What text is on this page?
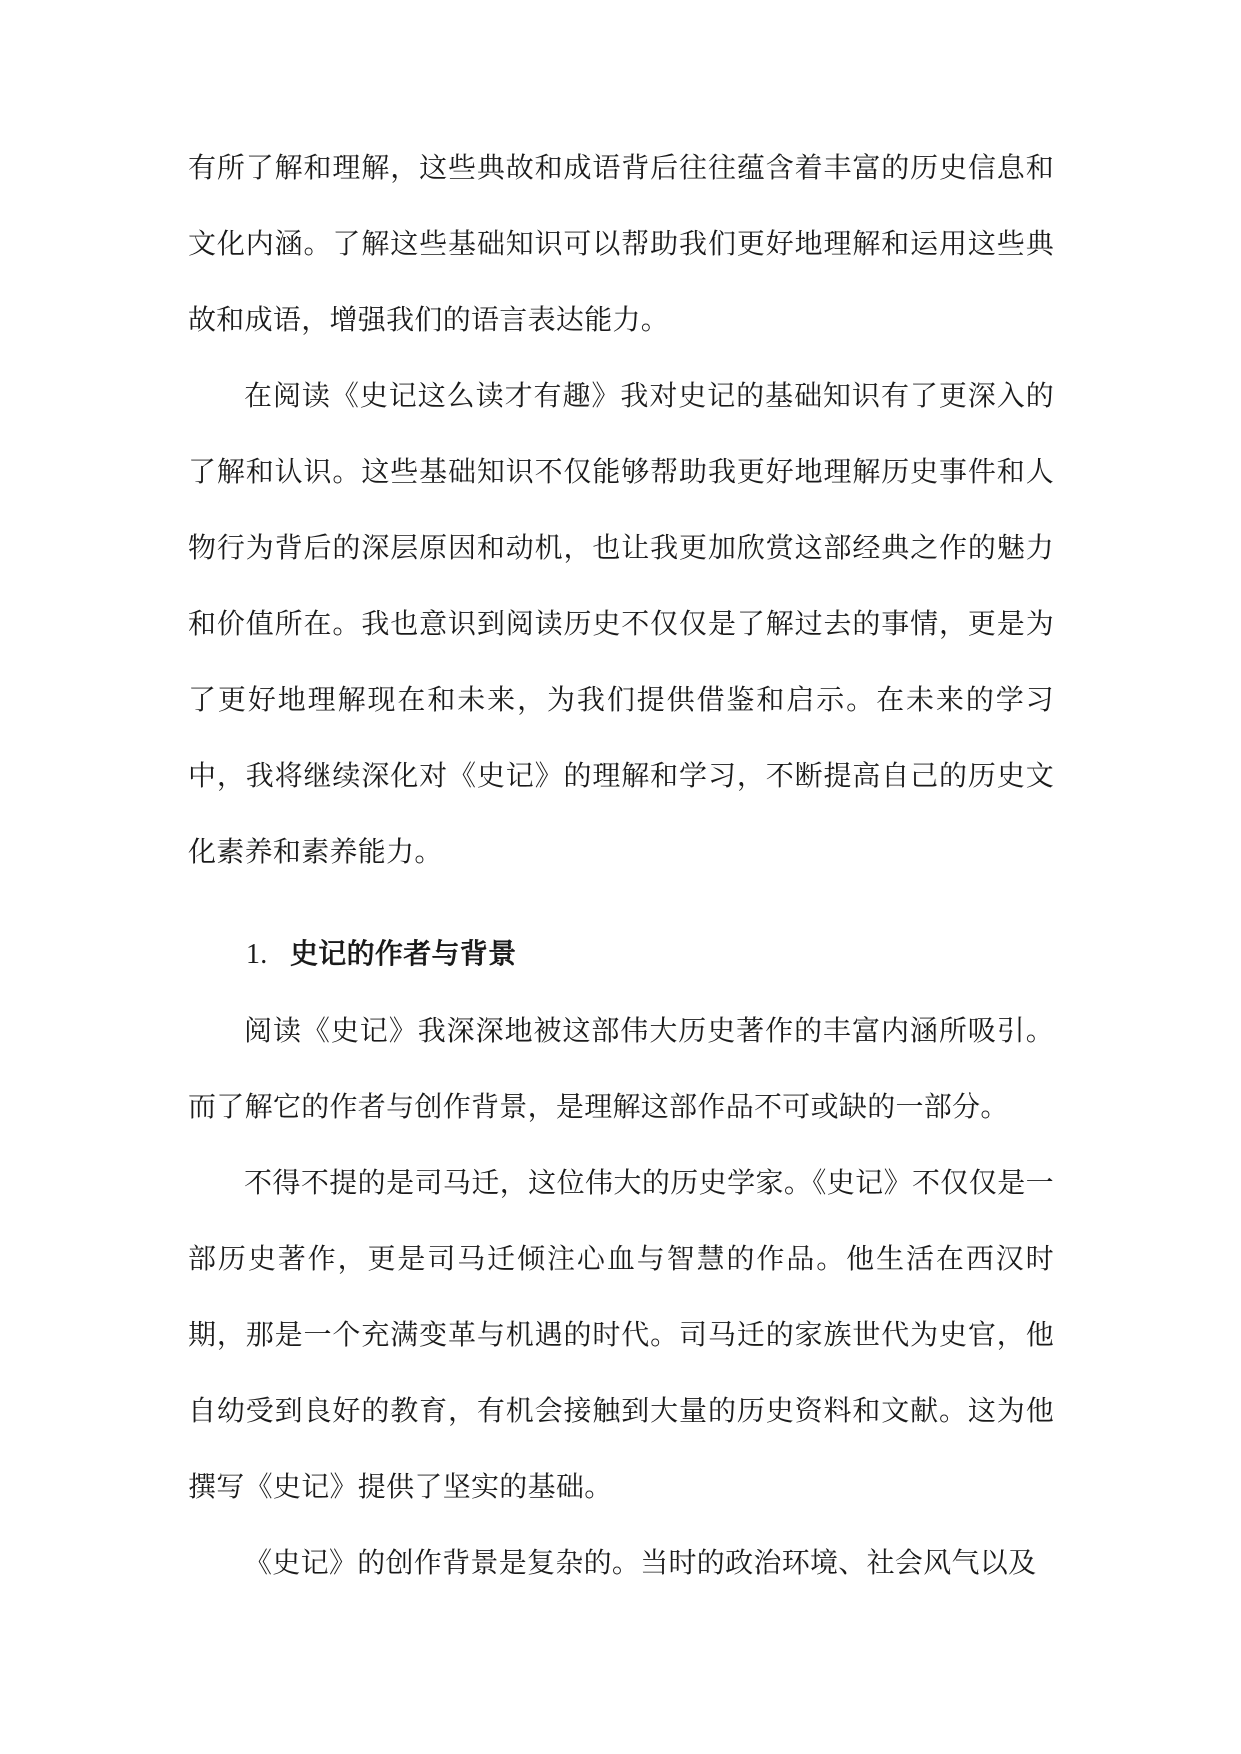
有所了解和理解，这些典故和成语背后往往蕴含着丰富的历史信息和文化内涵。了解这些基础知识可以帮助我们更好地理解和运用这些典故和成语，增强我们的语言表达能力。

在阅读《史记这么读才有趣》我对史记的基础知识有了更深入的了解和认识。这些基础知识不仅能够帮助我更好地理解历史事件和人物行为背后的深层原因和动机，也让我更加欣赏这部经典之作的魅力和价值所在。我也意识到阅读历史不仅仅是了解过去的事情，更是为了更好地理解现在和未来，为我们提供借鉴和启示。在未来的学习中，我将继续深化对《史记》的理解和学习，不断提高自己的历史文化素养和素养能力。

1. 史记的作者与背景

阅读《史记》我深深地被这部伟大历史著作的丰富内涵所吸引。而了解它的作者与创作背景，是理解这部作品不可或缺的一部分。

不得不提的是司马迁，这位伟大的历史学家。《史记》不仅仅是一部历史著作，更是司马迁倾注心血与智慧的作品。他生活在西汉时期，那是一个充满变革与机遇的时代。司马迁的家族世代为史官，他自幼受到良好的教育，有机会接触到大量的历史资料和文献。这为他撰写《史记》提供了坚实的基础。

《史记》的创作背景是复杂的。当时的政治环境、社会风气以及
